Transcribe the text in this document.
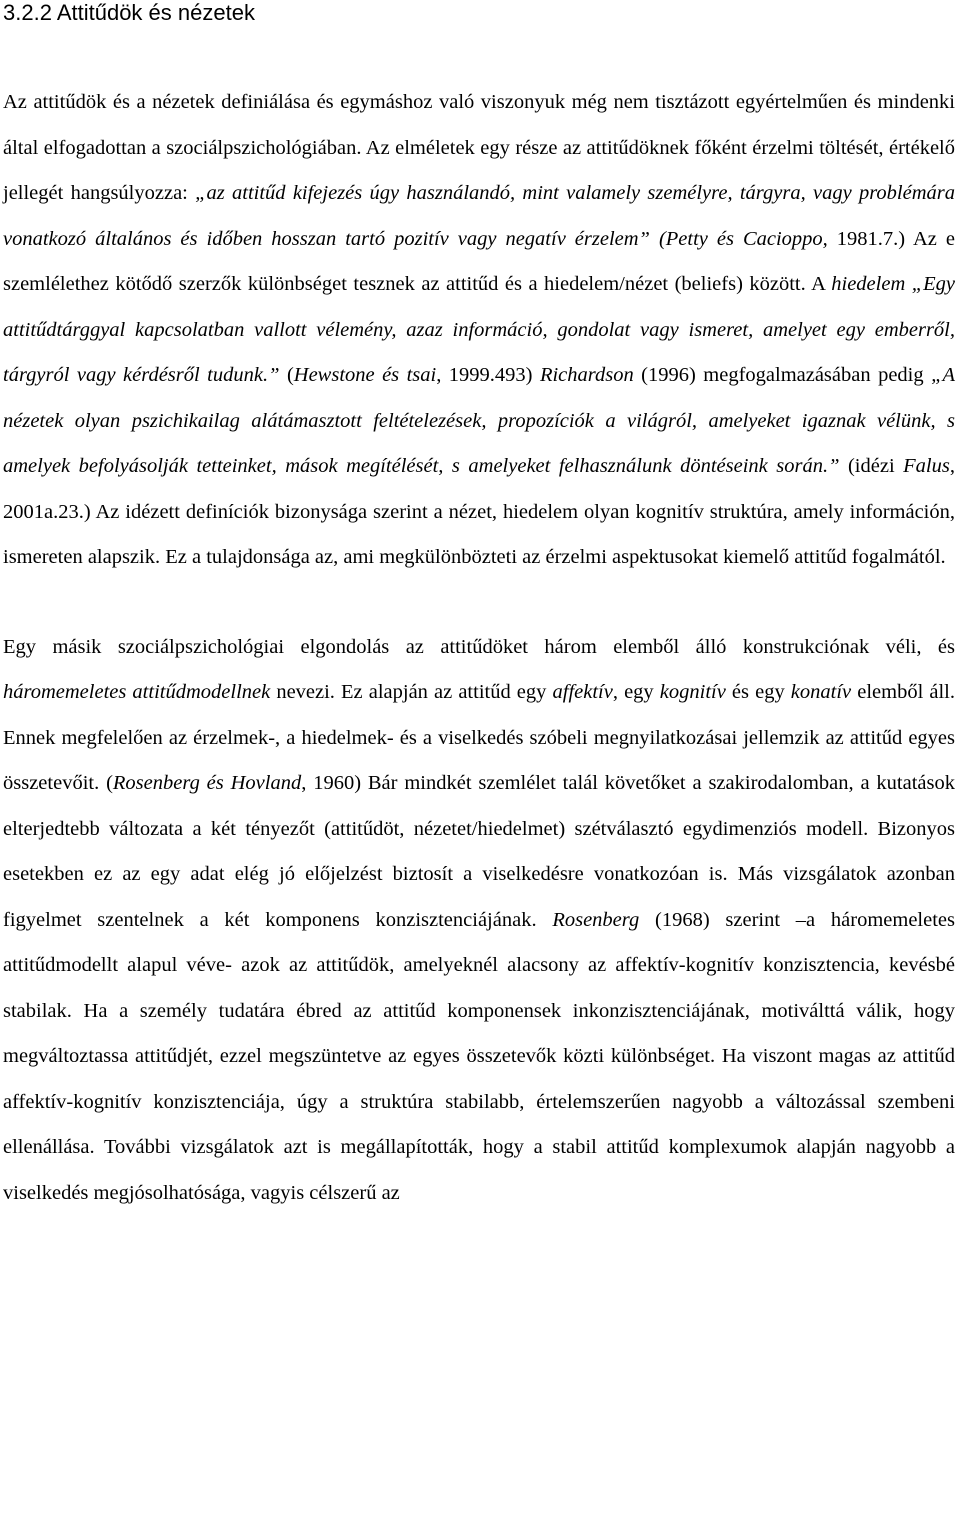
3.2.2 Attitűdök és nézetek

Az attitűdök és a nézetek definiálása és egymáshoz való viszonyuk még nem tisztázott egyértelműen és mindenki által elfogadottan a szociálpszichológiában. Az elméletek egy része az attitűdöknek főként érzelmi töltését, értékelő jellegét hangsúlyozza: „az attitűd kifejezés úgy használandó, mint valamely személyre, tárgyra, vagy problémára vonatkozó általános és időben hosszan tartó pozitív vagy negatív érzelem” (Petty és Cacioppo, 1981.7.) Az e szemlélethez kötődő szerzők különbséget tesznek az attitűd és a hiedelem/nézet (beliefs) között. A hiedelem „Egy attitűdtárggyal kapcsolatban vallott vélemény, azaz információ, gondolat vagy ismeret, amelyet egy emberről, tárgyról vagy kérdésről tudunk.” (Hewstone és tsai, 1999.493) Richardson (1996) megfogalmazásában pedig „A nézetek olyan pszichikailag alátámasztott feltételezések, propozíciók a világról, amelyeket igaznak vélünk, s amelyek befolyásolják tetteinket, mások megítélését, s amelyeket felhasználunk döntéseink során.” (idézi Falus, 2001a.23.) Az idézett definíciók bizonysága szerint a nézet, hiedelem olyan kognitív struktúra, amely információn, ismereten alapszik. Ez a tulajdonsága az, ami megkülönbözteti az érzelmi aspektusokat kiemelő attitűd fogalmától.

Egy másik szociálpszichológiai elgondolás az attitűdöket három elemből álló konstrukciónak véli, és háromemeletes attitűdmodellnek nevezi. Ez alapján az attitűd egy affektív, egy kognitív és egy konatív elemből áll. Ennek megfelelően az érzelmek-, a hiedelmek- és a viselkedés szóbeli megnyilatkozásai jellemzik az attitűd egyes összetevőit. (Rosenberg és Hovland, 1960) Bár mindkét szemlélet talál követőket a szakirodalomban, a kutatások elterjedtebb változata a két tényezőt (attitűdöt, nézetet/hiedelmet) szétválasztó egydimenziós modell. Bizonyos esetekben ez az egy adat elég jó előjelzést biztosít a viselkedésre vonatkozóan is. Más vizsgálatok azonban figyelmet szentelnek a két komponens konzisztenciájának. Rosenberg (1968) szerint –a háromemeletes attitűdmodellt alapul véve- azok az attitűdök, amelyeknél alacsony az affektív-kognitív konzisztencia, kevésbé stabilak. Ha a személy tudatára ébred az attitűd komponensek inkonzisztenciájának, motiválttá válik, hogy megváltoztassa attitűdjét, ezzel megszüntetve az egyes összetevők közti különbséget. Ha viszont magas az attitűd affektív-kognitív konzisztenciája, úgy a struktúra stabilabb, értelemszerűen nagyobb a változással szembeni ellenállása. További vizsgálatok azt is megállapították, hogy a stabil attitűd komplexumok alapján nagyobb a viselkedés megjósolhatósága, vagyis célszerű az
